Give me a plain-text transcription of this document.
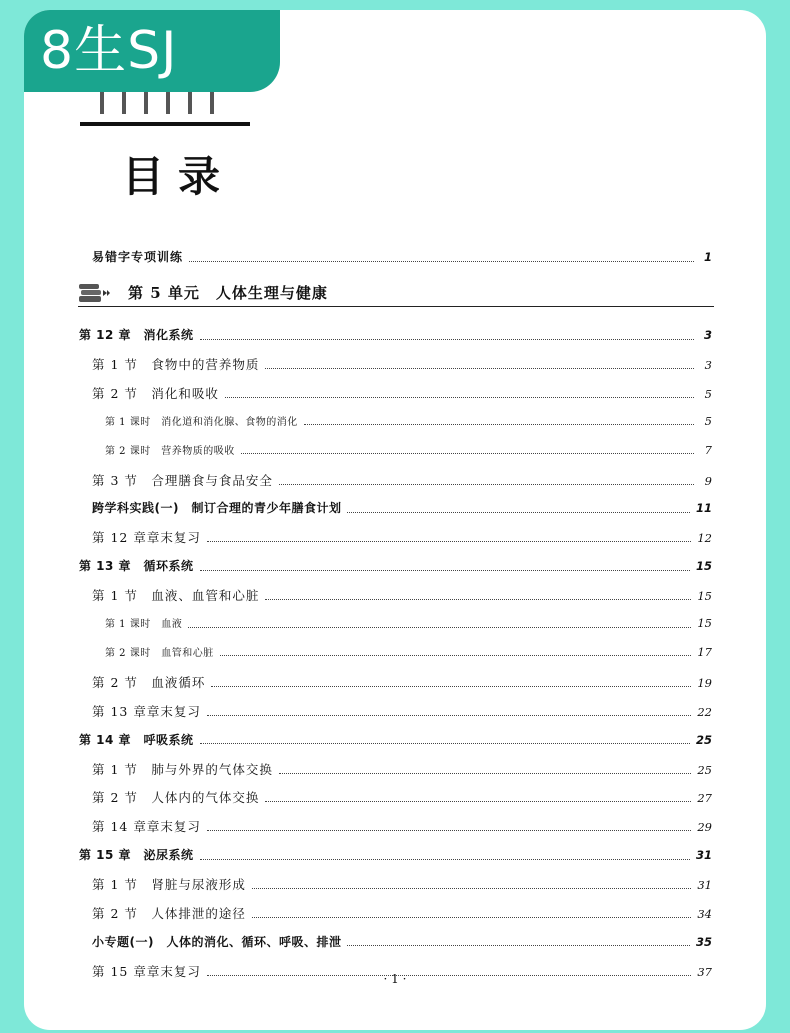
8生SJ
目录
易错字专项训练	1
第 5 单元　人体生理与健康
第 12 章　消化系统	3
第 1 节　食物中的营养物质	3
第 2 节　消化和吸收	5
第 1 课时　消化道和消化腺、食物的消化	5
第 2 课时　营养物质的吸收	7
第 3 节　合理膳食与食品安全	9
跨学科实践(一)　制订合理的青少年膳食计划	11
第 12 章章末复习	12
第 13 章　循环系统	15
第 1 节　血液、血管和心脏	15
第 1 课时　血液	15
第 2 课时　血管和心脏	17
第 2 节　血液循环	19
第 13 章章末复习	22
第 14 章　呼吸系统	25
第 1 节　肺与外界的气体交换	25
第 2 节　人体内的气体交换	27
第 14 章章末复习	29
第 15 章　泌尿系统	31
第 1 节　肾脏与尿液形成	31
第 2 节　人体排泄的途径	34
小专题(一)　人体的消化、循环、呼吸、排泄	35
第 15 章章末复习	37
· 1 ·
